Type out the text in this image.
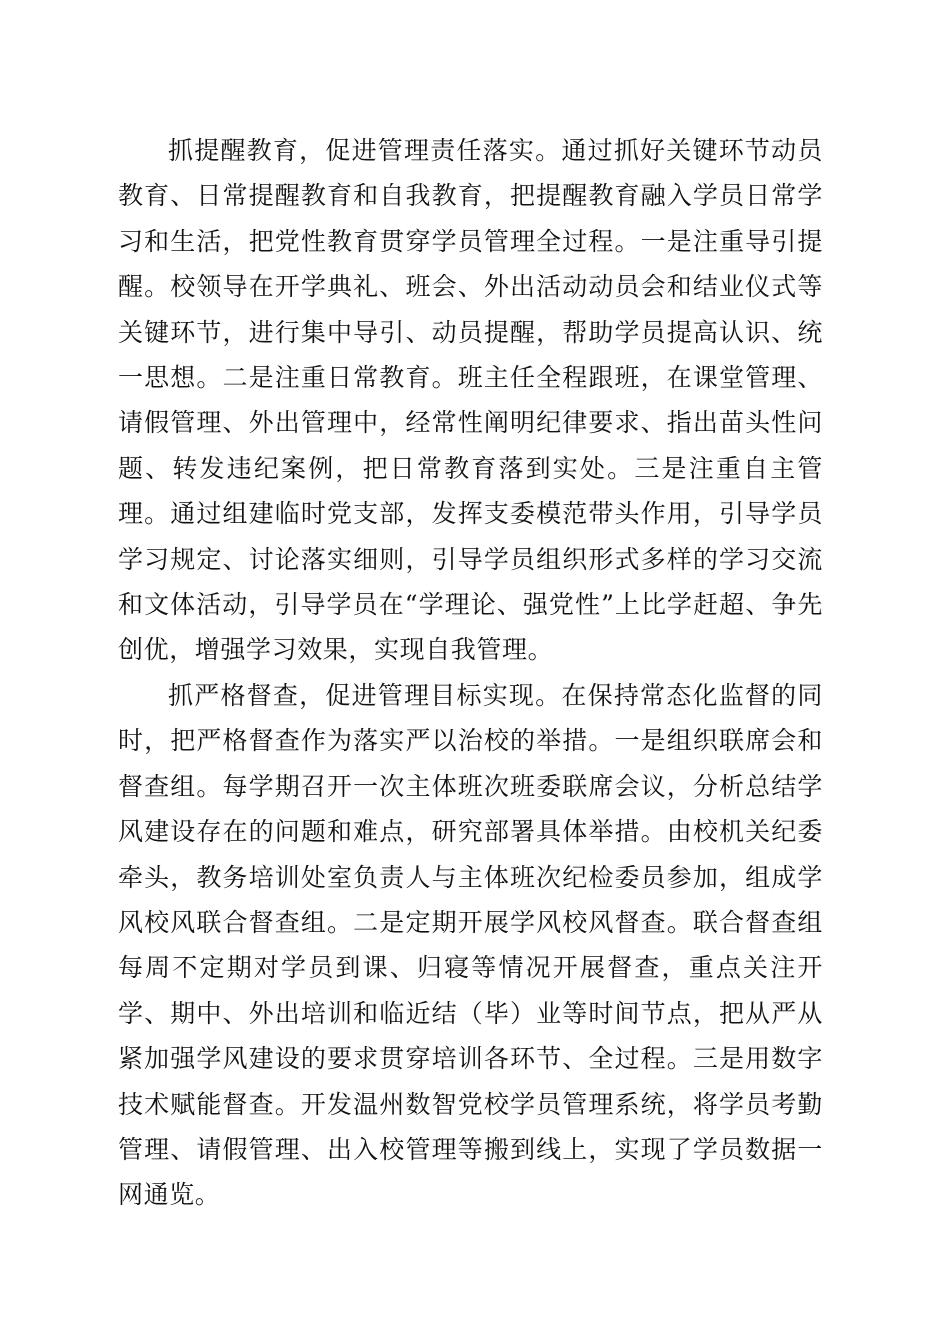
抓提醒教育，促进管理责任落实。通过抓好关键环节动员教育、日常提醒教育和自我教育，把提醒教育融入学员日常学习和生活，把党性教育贯穿学员管理全过程。一是注重导引提醒。校领导在开学典礼、班会、外出活动动员会和结业仪式等关键环节，进行集中导引、动员提醒，帮助学员提高认识、统一思想。二是注重日常教育。班主任全程跟班，在课堂管理、请假管理、外出管理中，经常性阐明纪律要求、指出苗头性问题、转发违纪案例，把日常教育落到实处。三是注重自主管理。通过组建临时党支部，发挥支委模范带头作用，引导学员学习规定、讨论落实细则，引导学员组织形式多样的学习交流和文体活动，引导学员在“学理论、强党性”上比学赶超、争先创优，增强学习效果，实现自我管理。

抓严格督查，促进管理目标实现。在保持常态化监督的同时，把严格督查作为落实严以治校的举措。一是组织联席会和督查组。每学期召开一次主体班次班委联席会议，分析总结学风建设存在的问题和难点，研究部署具体举措。由校机关纪委牵头，教务培训处室负责人与主体班次纪检委员参加，组成学风校风联合督查组。二是定期开展学风校风督查。联合督查组每周不定期对学员到课、归寝等情况开展督查，重点关注开学、期中、外出培训和临近结（毕）业等时间节点，把从严从紧加强学风建设的要求贯穿培训各环节、全过程。三是用数字技术赋能督查。开发温州数智党校学员管理系统，将学员考勤管理、请假管理、出入校管理等搬到线上，实现了学员数据一网通览。
